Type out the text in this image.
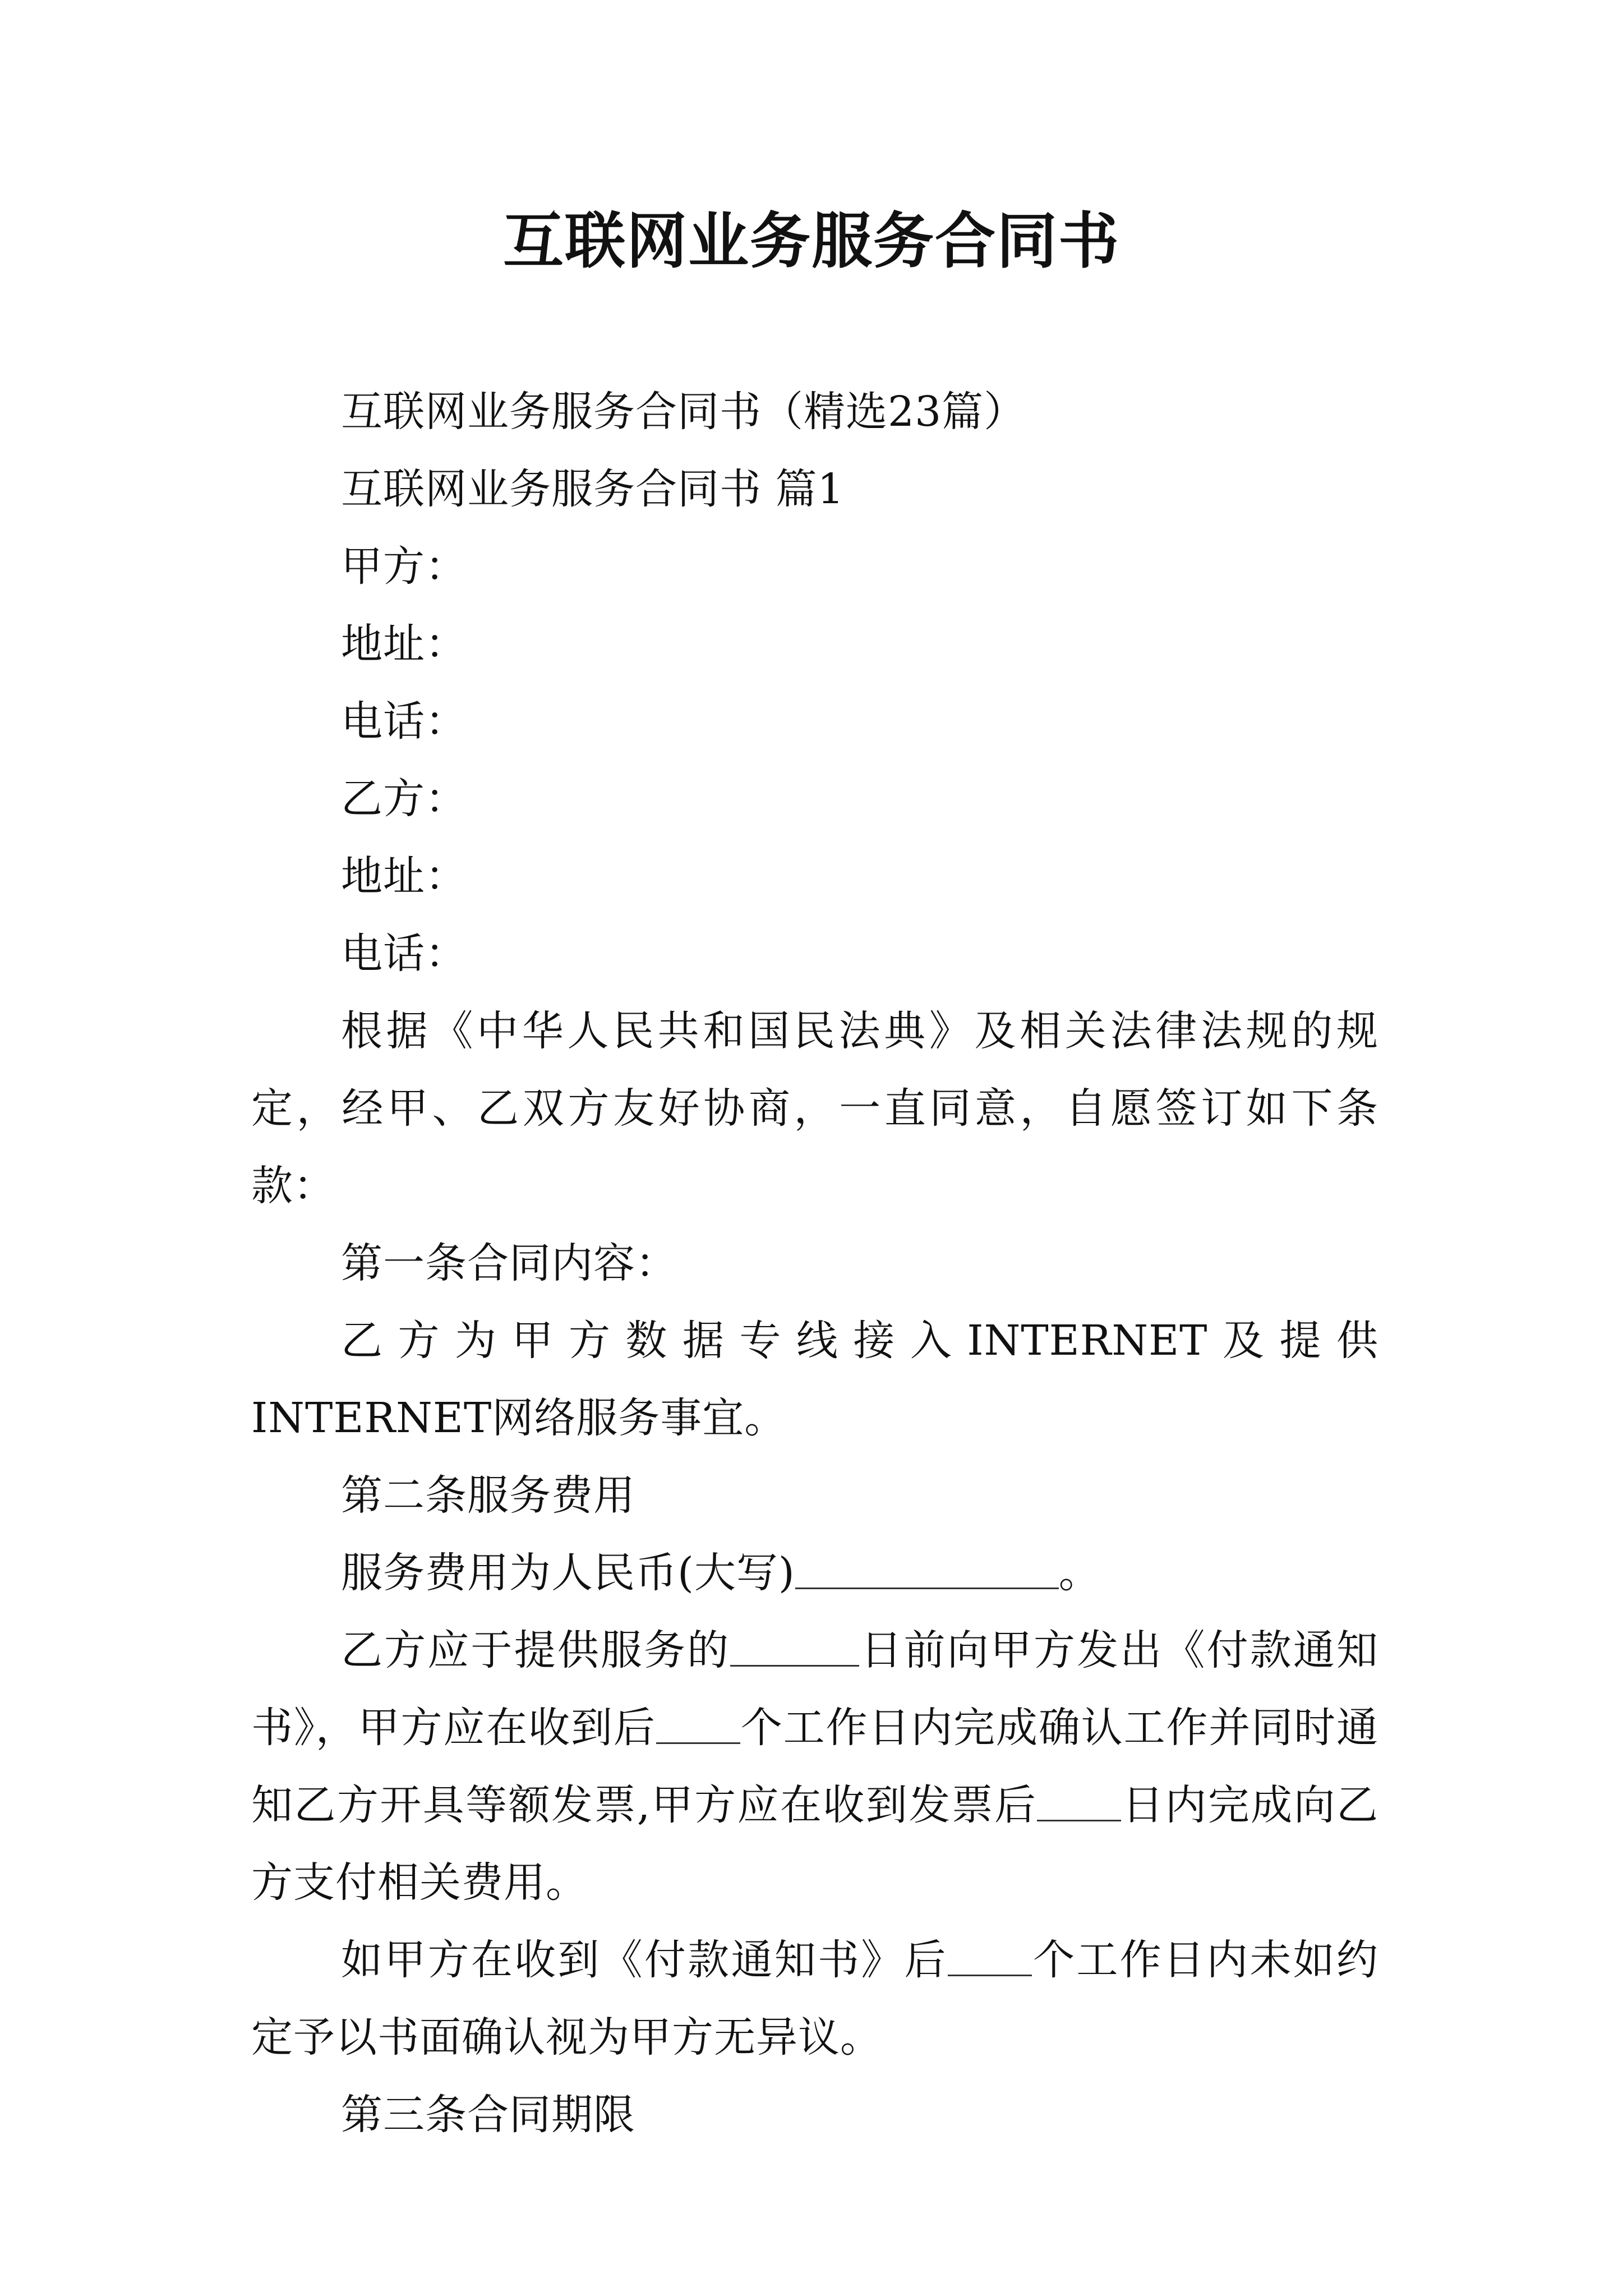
互联网业务服务合同书

互联网业务服务合同书（精选23篇）

互联网业务服务合同书 篇1

甲方：

地址：

电话：

乙方：

地址：

电话：

根据《中华人民共和国民法典》及相关法律法规的规定，经甲、乙双方友好协商，一直同意，自愿签订如下条款：

第一条合同内容：

乙方为甲方数据专线接入INTERNET及提供INTERNET网络服务事宜。

第二条服务费用

服务费用为人民币(大写)	。

乙方应于提供服务的	日前向甲方发出《付款通知书》，甲方应在收到后 个工作日内完成确认工作并同时通知乙方开具等额发票,甲方应在收到发票后 日内完成向乙方支付相关费用。

如甲方在收到《付款通知书》后 个工作日内未如约定予以书面确认视为甲方无异议。

第三条合同期限
